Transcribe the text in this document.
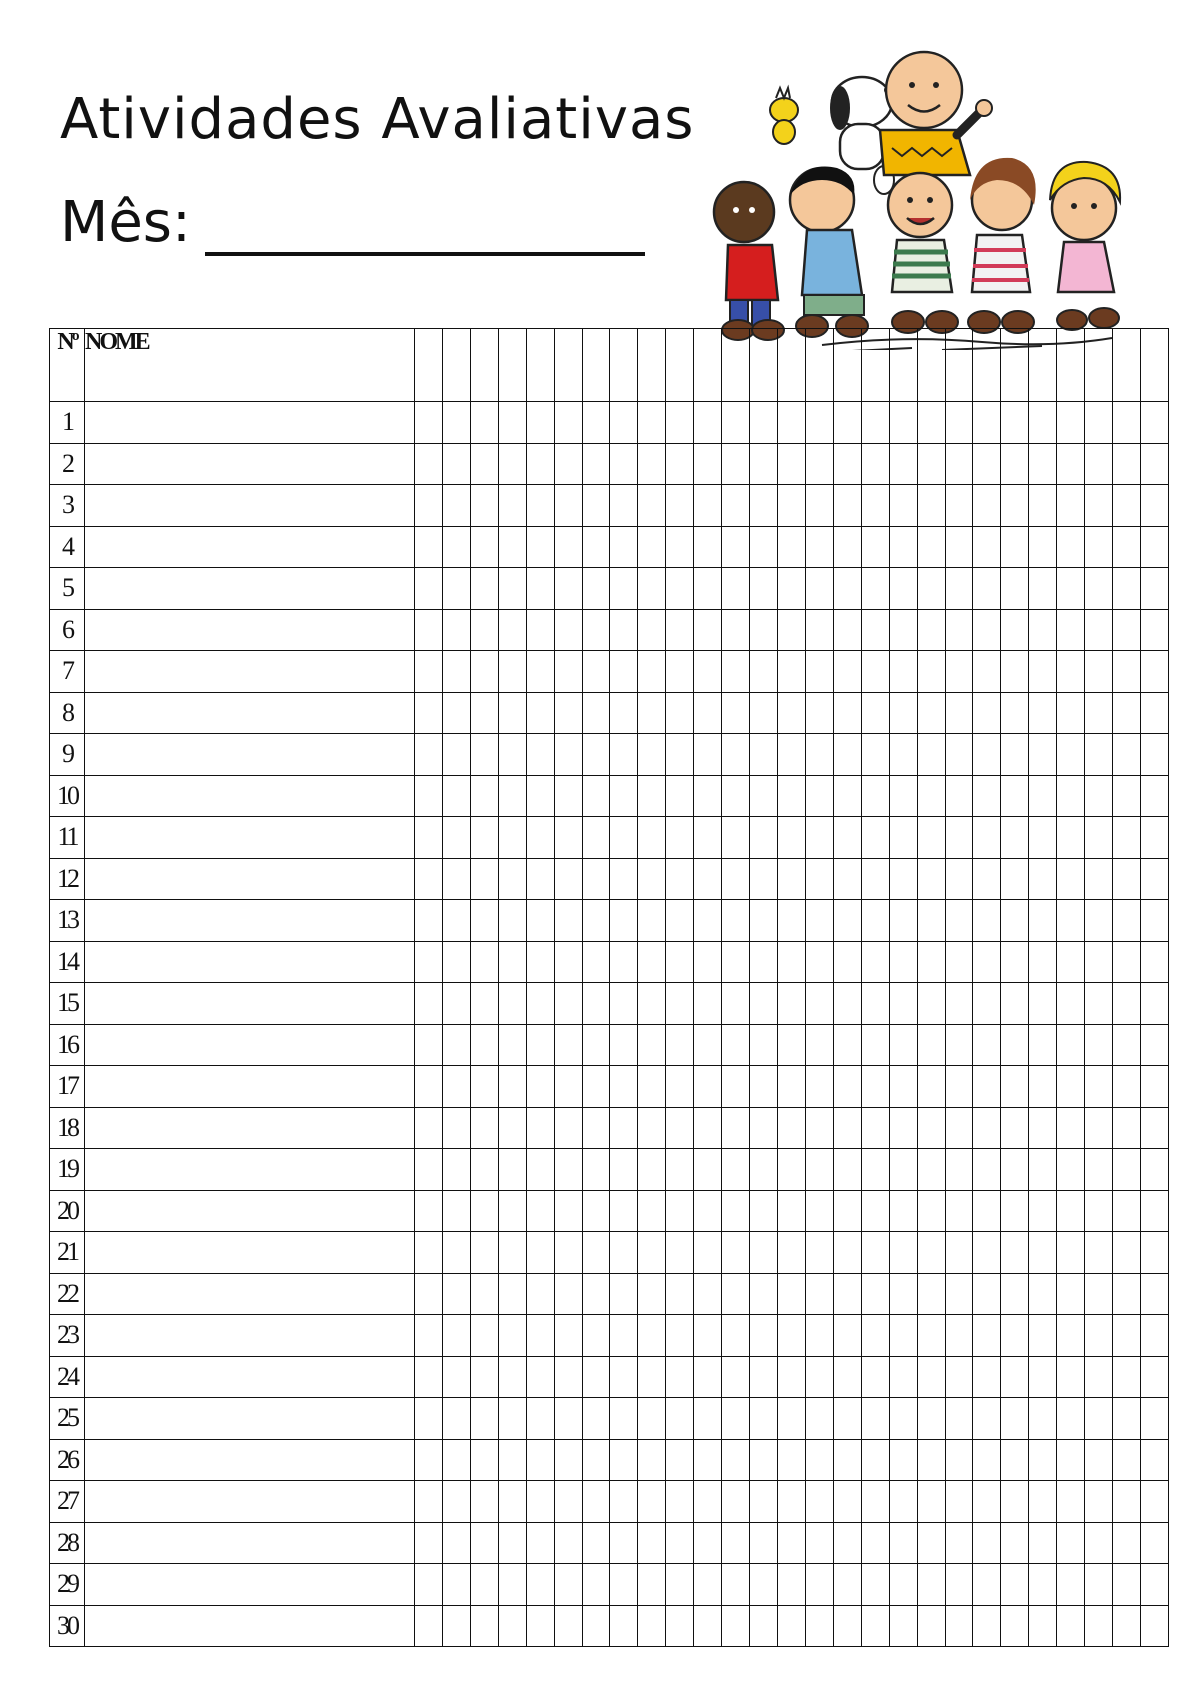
Atividades Avaliativas
Mês:
Nº	NOME																											
1																												
2																												
3																												
4																												
5																												
6																												
7																												
8																												
9																												
10																												
11																												
12																												
13																												
14																												
15																												
16																												
17																												
18																												
19																												
20																												
21																												
22																												
23																												
24																												
25																												
26																												
27																												
28																												
29																												
30																												
